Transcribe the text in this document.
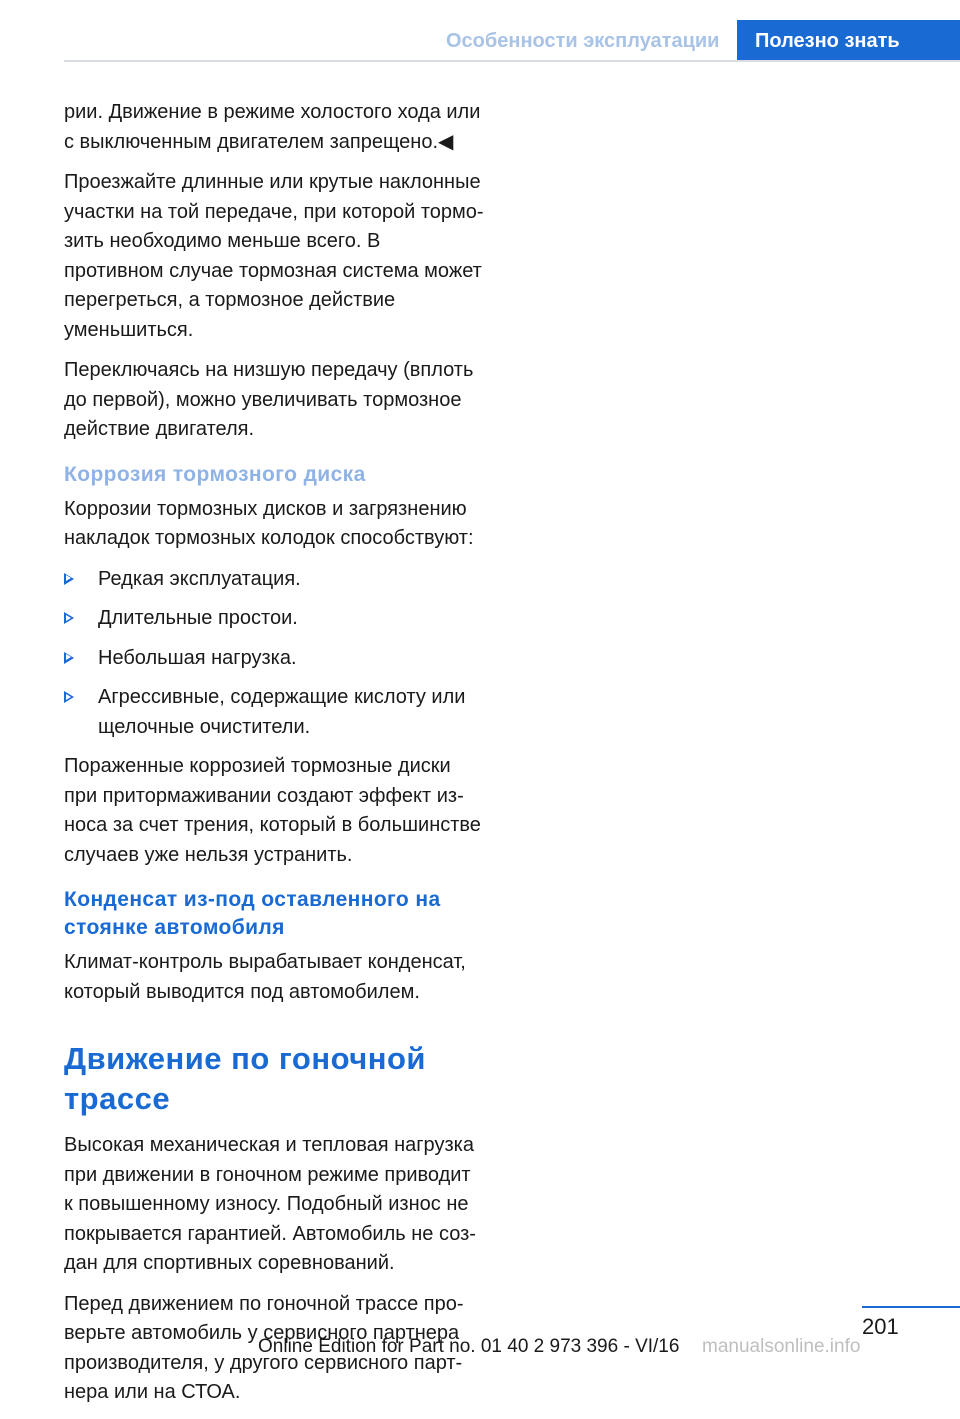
Особенности эксплуатации	Полезно знать

рии. Движение в режиме холостого хода или с выключенным двигателем запрещено.◀

Проезжайте длинные или крутые наклонные участки на той передаче, при которой тормозить необходимо меньше всего. В противном случае тормозная система может перегреться, а тормозное действие уменьшиться.

Переключаясь на низшую передачу (вплоть до первой), можно увеличивать тормозное действие двигателя.

Коррозия тормозного диска

Коррозии тормозных дисков и загрязнению накладок тормозных колодок способствуют:

Редкая эксплуатация.
Длительные простои.
Небольшая нагрузка.
Агрессивные, содержащие кислоту или щелочные очистители.

Пораженные коррозией тормозные диски при притормаживании создают эффект износа за счет трения, который в большинстве случаев уже нельзя устранить.

Конденсат из-под оставленного на стоянке автомобиля

Климат-контроль вырабатывает конденсат, который выводится под автомобилем.

Движение по гоночной трассе

Высокая механическая и тепловая нагрузка при движении в гоночном режиме приводит к повышенному износу. Подобный износ не покрывается гарантией. Автомобиль не создан для спортивных соревнований.

Перед движением по гоночной трассе проверьте автомобиль у сервисного партнера производителя, у другого сервисного партнера или на СТОА.

201
Online Edition for Part no. 01 40 2 973 396 - VI/16 manualsonline.info
